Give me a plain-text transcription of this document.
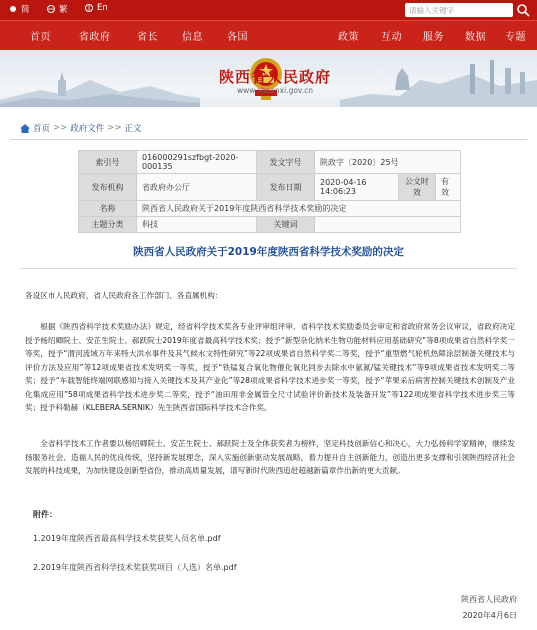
简	繁	En	请输入关键字
首页	省政府	省长 信息 各国	政策 互动 服务 数据 专题
陕西省人民政府
www.shaanxi.gov.cn
首页 >> 政府文件 >> 正文
索引号	016000291szfbgt-2020-000135	发文字号	陕政字〔2020〕25号		
发布机构	省政府办公厅	发布日期	2020-04-16 14:06:23	公文时效	有效
名称	陕西省人民政府关于2019年度陕西省科学技术奖励的决定				
主题分类	科技	关键词			
陕西省人民政府关于2019年度陕西省科学技术奖励的决定
各设区市人民政府，省人民政府各工作部门、各直属机构：
根据《陕西省科学技术奖励办法》规定，经省科学技术奖各专业评审组评审、省科学技术奖励委员会审定和省政府常务会议审议，省政府决定授予杨绍卿院士、安芷生院士、郝跃院士2019年度省最高科学技术奖；授予“新型杂化纳米生物功能材料应用基础研究”等8项成果省自然科学奖一等奖，授予“渭河流域万年来特大洪水事件及其气候水文特性研究”等22项成果省自然科学奖二等奖，授予“重型燃气轮机热障涂层制备关键技术与评价方法及应用”等12项成果省技术发明奖一等奖，授予“铁锰复合氧化物催化氧化同步去除水中氨氮/锰关键技术”等9项成果省技术发明奖二等奖；授予“车载智能终端网联感知与接入关键技术及其产业化”等28项成果省科学技术进步奖一等奖，授予“苹果采后病害控制关键技术创制及产业化集成应用”58项成果省科学技术进步奖二等奖，授予“油田用非金属管全尺寸试验评价新技术及装备开发”等122项成果省科学技术进步奖三等奖；授予科勒赫（KLEBERA.SERNIK）先生陕西省国际科学技术合作奖。
全省科学技术工作者要以杨绍卿院士、安芷生院士、郝跃院士及全体获奖者为榜样，坚定科技创新信心和决心，大力弘扬科学家精神，继续发扬服务社会、造福人民的优良传统，坚持新发展理念，深入实施创新驱动发展战略，着力提升自主创新能力，创造出更多支撑和引领陕西经济社会发展的科技成果，为加快建设创新型省份，推动高质量发展，谱写新时代陕西追赶超越新篇章作出新的更大贡献。
附件：
1.2019年度陕西省最高科学技术奖获奖人员名单.pdf
2.2019年度陕西省科学技术奖获奖项目（人选）名单.pdf
陕西省人民政府
2020年4月6日
